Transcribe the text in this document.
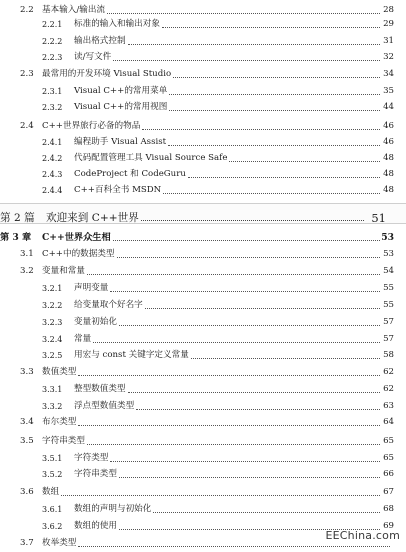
2.2 基本输入/输出流	28
2.2.1 标准的输入和输出对象	29
2.2.2 输出格式控制	31
2.2.3 读/写文件	32
2.3 最常用的开发环境 Visual Studio	34
2.3.1 Visual C++的常用菜单	35
2.3.2 Visual C++的常用视图	44
2.4 C++世界旅行必备的物品	46
2.4.1 编程助手 Visual Assist	46
2.4.2 代码配置管理工具 Visual Source Safe	48
2.4.3 CodeProject 和 CodeGuru	48
2.4.4 C++百科全书 MSDN	48
第 2 篇 欢迎来到 C++世界	51
第 3 章 C++世界众生相	53
3.1 C++中的数据类型	53
3.2 变量和常量	54
3.2.1 声明变量	55
3.2.2 给变量取个好名字	55
3.2.3 变量初始化	57
3.2.4 常量	57
3.2.5 用宏与 const 关键字定义常量	58
3.3 数值类型	62
3.3.1 整型数值类型	62
3.3.2 浮点型数值类型	63
3.4 布尔类型	64
3.5 字符串类型	65
3.5.1 字符类型	65
3.5.2 字符串类型	66
3.6 数组	67
3.6.1 数组的声明与初始化	68
3.6.2 数组的使用	69
3.7 枚举类型
EEChina.com
